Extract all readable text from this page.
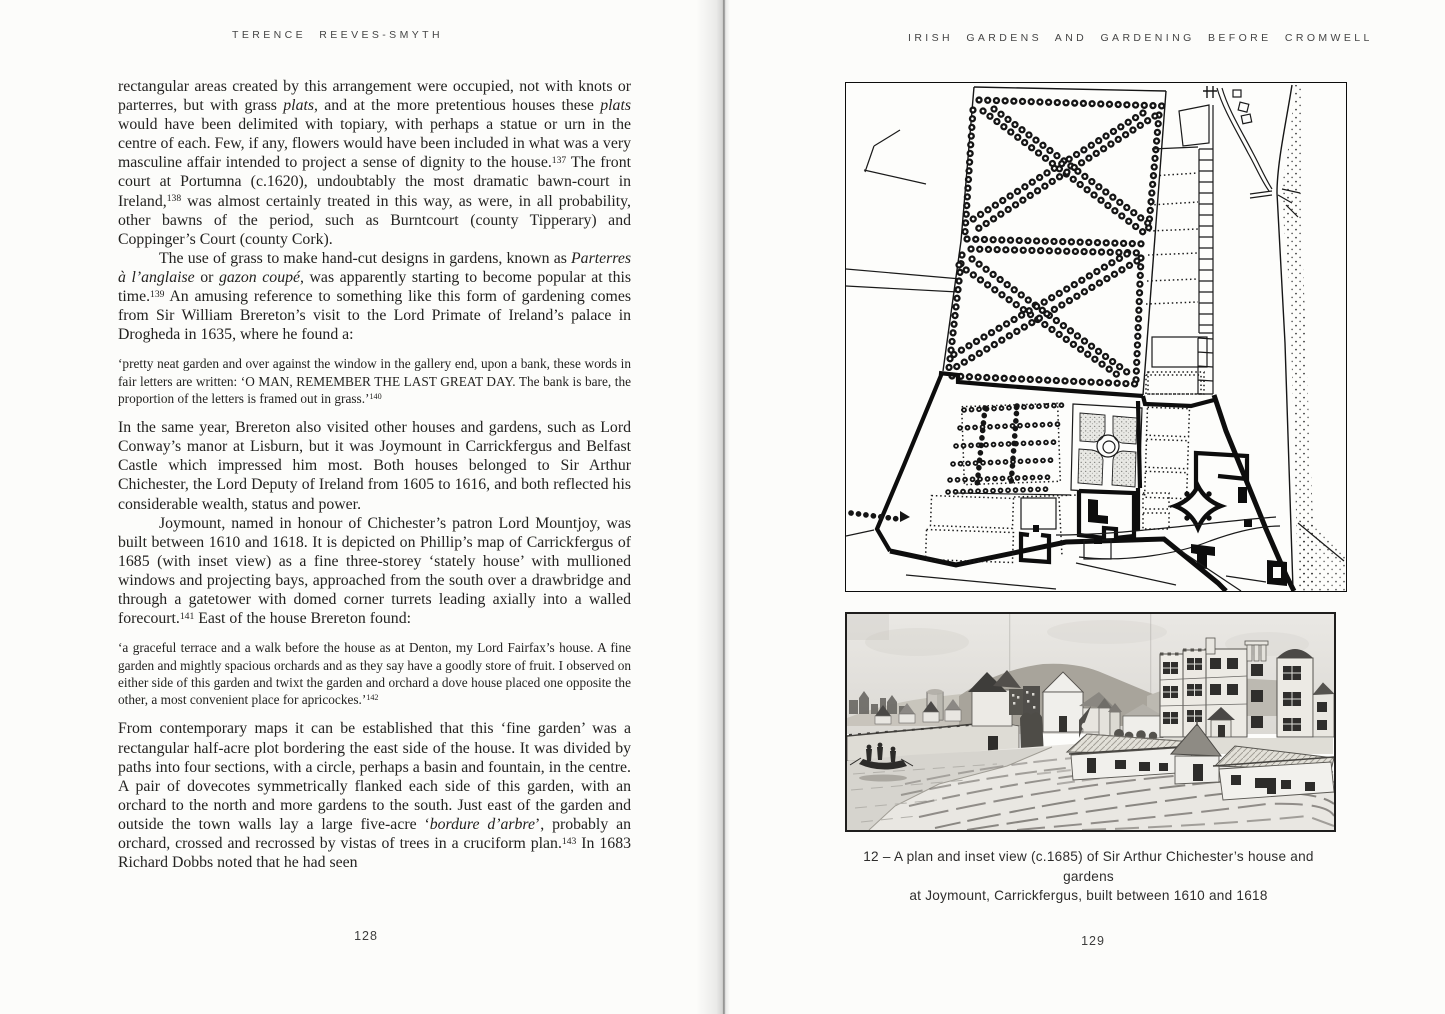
TERENCE REEVES-SMYTH
rectangular areas created by this arrangement were occupied, not with knots or parterres, but with grass plats, and at the more pretentious houses these plats would have been delimited with topiary, with perhaps a statue or urn in the centre of each. Few, if any, flowers would have been included in what was a very masculine affair intended to project a sense of dignity to the house.$^{137}$ The front court at Portumna (c.1620), undoubtably the most dramatic bawn-court in Ireland,$^{138}$ was almost certainly treated in this way, as were, in all probability, other bawns of the period, such as Burntcourt (county Tipperary) and Coppinger’s Court (county Cork).
The use of grass to make hand-cut designs in gardens, known as Parterres à l’anglaise or gazon coupé, was apparently starting to become popular at this time.$^{139}$ An amusing reference to something like this form of gardening comes from Sir William Brereton’s visit to the Lord Primate of Ireland’s palace in Drogheda in 1635, where he found a:
‘pretty neat garden and over against the window in the gallery end, upon a bank, these words in fair letters are written: ‘O MAN, REMEMBER THE LAST GREAT DAY. The bank is bare, the proportion of the letters is framed out in grass.’$^{140}$
In the same year, Brereton also visited other houses and gardens, such as Lord Conway’s manor at Lisburn, but it was Joymount in Carrickfergus and Belfast Castle which impressed him most. Both houses belonged to Sir Arthur Chichester, the Lord Deputy of Ireland from 1605 to 1616, and both reflected his considerable wealth, status and power.
Joymount, named in honour of Chichester’s patron Lord Mountjoy, was built between 1610 and 1618. It is depicted on Phillip’s map of Carrickfergus of 1685 (with inset view) as a fine three-storey ‘stately house’ with mullioned windows and projecting bays, approached from the south over a drawbridge and through a gatetower with domed corner turrets leading axially into a walled forecourt.$^{141}$ East of the house Brereton found:
‘a graceful terrace and a walk before the house as at Denton, my Lord Fairfax’s house. A fine garden and mightly spacious orchards and as they say have a goodly store of fruit. I observed on either side of this garden and twixt the garden and orchard a dove house placed one opposite the other, a most convenient place for apricockes.’$^{142}$
From contemporary maps it can be established that this ‘fine garden’ was a rectangular half-acre plot bordering the east side of the house. It was divided by paths into four sections, with a circle, perhaps a basin and fountain, in the centre. A pair of dovecotes symmetrically flanked each side of this garden, with an orchard to the north and more gardens to the south. Just east of the garden and outside the town walls lay a large five-acre ‘bordure d’arbre’, probably an orchard, crossed and recrossed by vistas of trees in a cruciform plan.$^{143}$ In 1683 Richard Dobbs noted that he had seen
128
IRISH GARDENS AND GARDENING BEFORE CROMWELL
12 – A plan and inset view (c.1685) of Sir Arthur Chichester’s house and gardens
at Joymount, Carrickfergus, built between 1610 and 1618
129
